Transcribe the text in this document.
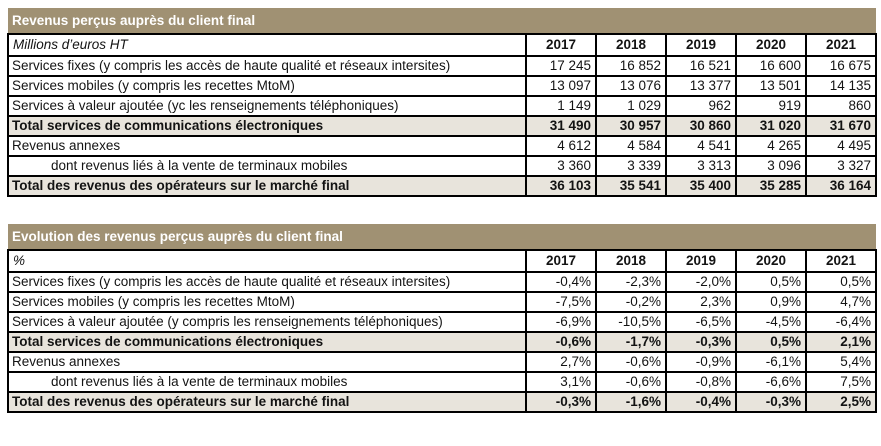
Revenus perçus auprès du client final					
Millions d’euros HT	2017	2018	2019	2020	2021
Services fixes (y compris les accès de haute qualité et réseaux intersites)	17 245	16 852	16 521	16 600	16 675
Services mobiles (y compris les recettes MtoM)	13 097	13 076	13 377	13 501	14 135
Services à valeur ajoutée (yc les renseignements téléphoniques)	1 149	1 029	962	919	860
Total services de communications électroniques	31 490	30 957	30 860	31 020	31 670
Revenus annexes	4 612	4 584	4 541	4 265	4 495
dont revenus liés à la vente de terminaux mobiles	3 360	3 339	3 313	3 096	3 327
Total des revenus des opérateurs sur le marché final	36 103	35 541	35 400	35 285	36 164
Evolution des revenus perçus auprès du client final					
%	2017	2018	2019	2020	2021
Services fixes (y compris les accès de haute qualité et réseaux intersites)	-0,4%	-2,3%	-2,0%	0,5%	0,5%
Services mobiles (y compris les recettes MtoM)	-7,5%	-0,2%	2,3%	0,9%	4,7%
Services à valeur ajoutée (y compris les renseignements téléphoniques)	-6,9%	-10,5%	-6,5%	-4,5%	-6,4%
Total services de communications électroniques	-0,6%	-1,7%	-0,3%	0,5%	2,1%
Revenus annexes	2,7%	-0,6%	-0,9%	-6,1%	5,4%
dont revenus liés à la vente de terminaux mobiles	3,1%	-0,6%	-0,8%	-6,6%	7,5%
Total des revenus des opérateurs sur le marché final	-0,3%	-1,6%	-0,4%	-0,3%	2,5%
